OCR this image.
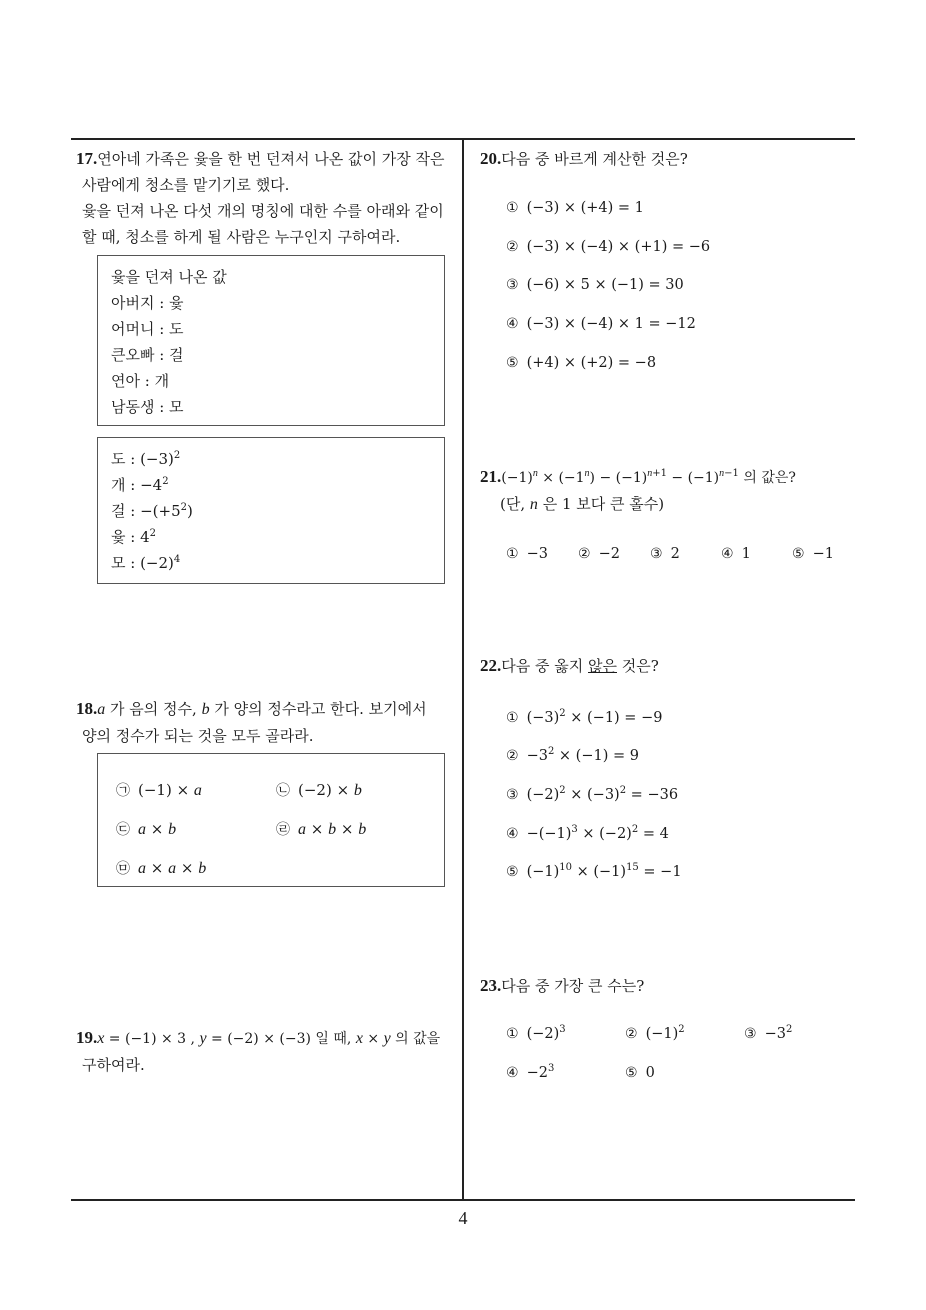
17.연아네 가족은 윷을 한 번 던져서 나온 값이 가장 작은
사람에게 청소를 맡기기로 했다.
윷을 던져 나온 다섯 개의 명칭에 대한 수를 아래와 같이
할 때, 청소를 하게 될 사람은 누구인지 구하여라.
윷을 던져 나온 값
아버지 : 윷
어머니 : 도
큰오빠 : 걸
연아 : 개
남동생 : 모
도 : $(-3)^2$
개 : $-4^2$
걸 : $-(+5^2)$
윷 : $4^2$
모 : $(-2)^4$
18.a 가 음의 정수, b 가 양의 정수라고 한다. 보기에서
양의 정수가 되는 것을 모두 골라라.
㉠ (−1) × a	㉡ (−2) × b
㉢ a × b	㉣ a × b × b
㉤ a × a × b
19.x = (−1) × 3 , y = (−2) × (−3) 일 때, x × y 의 값을
구하여라.
20.다음 중 바르게 계산한 것은?
① (−3) × (+4) = 1
② (−3) × (−4) × (+1) = −6
③ (−6) × 5 × (−1) = 30
④ (−3) × (−4) × 1 = −12
⑤ (+4) × (+2) = −8
$21.(-1)^n \times (-1^n) - (-1)^{n+1} - (-1)^{n-1}$ 의 값은?
(단, n 은 1 보다 큰 홀수)
① −3 ② −2 ③ 2	④ 1	⑤ −1
22.다음 중 옳지 않은 것은?
① $(-3)^2 \times (-1) = -9$
② $-3^2 \times (-1) = 9$
③ $(-2)^2 \times (-3)^2 = -36$
④ $-(-1)^3 \times (-2)^2 = 4$
⑤ $(-1)^{10} \times (-1)^{15} = -1$
23.다음 중 가장 큰 수는?
① $(-2)^3$	② $(-1)^2$	③ $-3^2$
④ $-2^3$	⑤ 0
4
